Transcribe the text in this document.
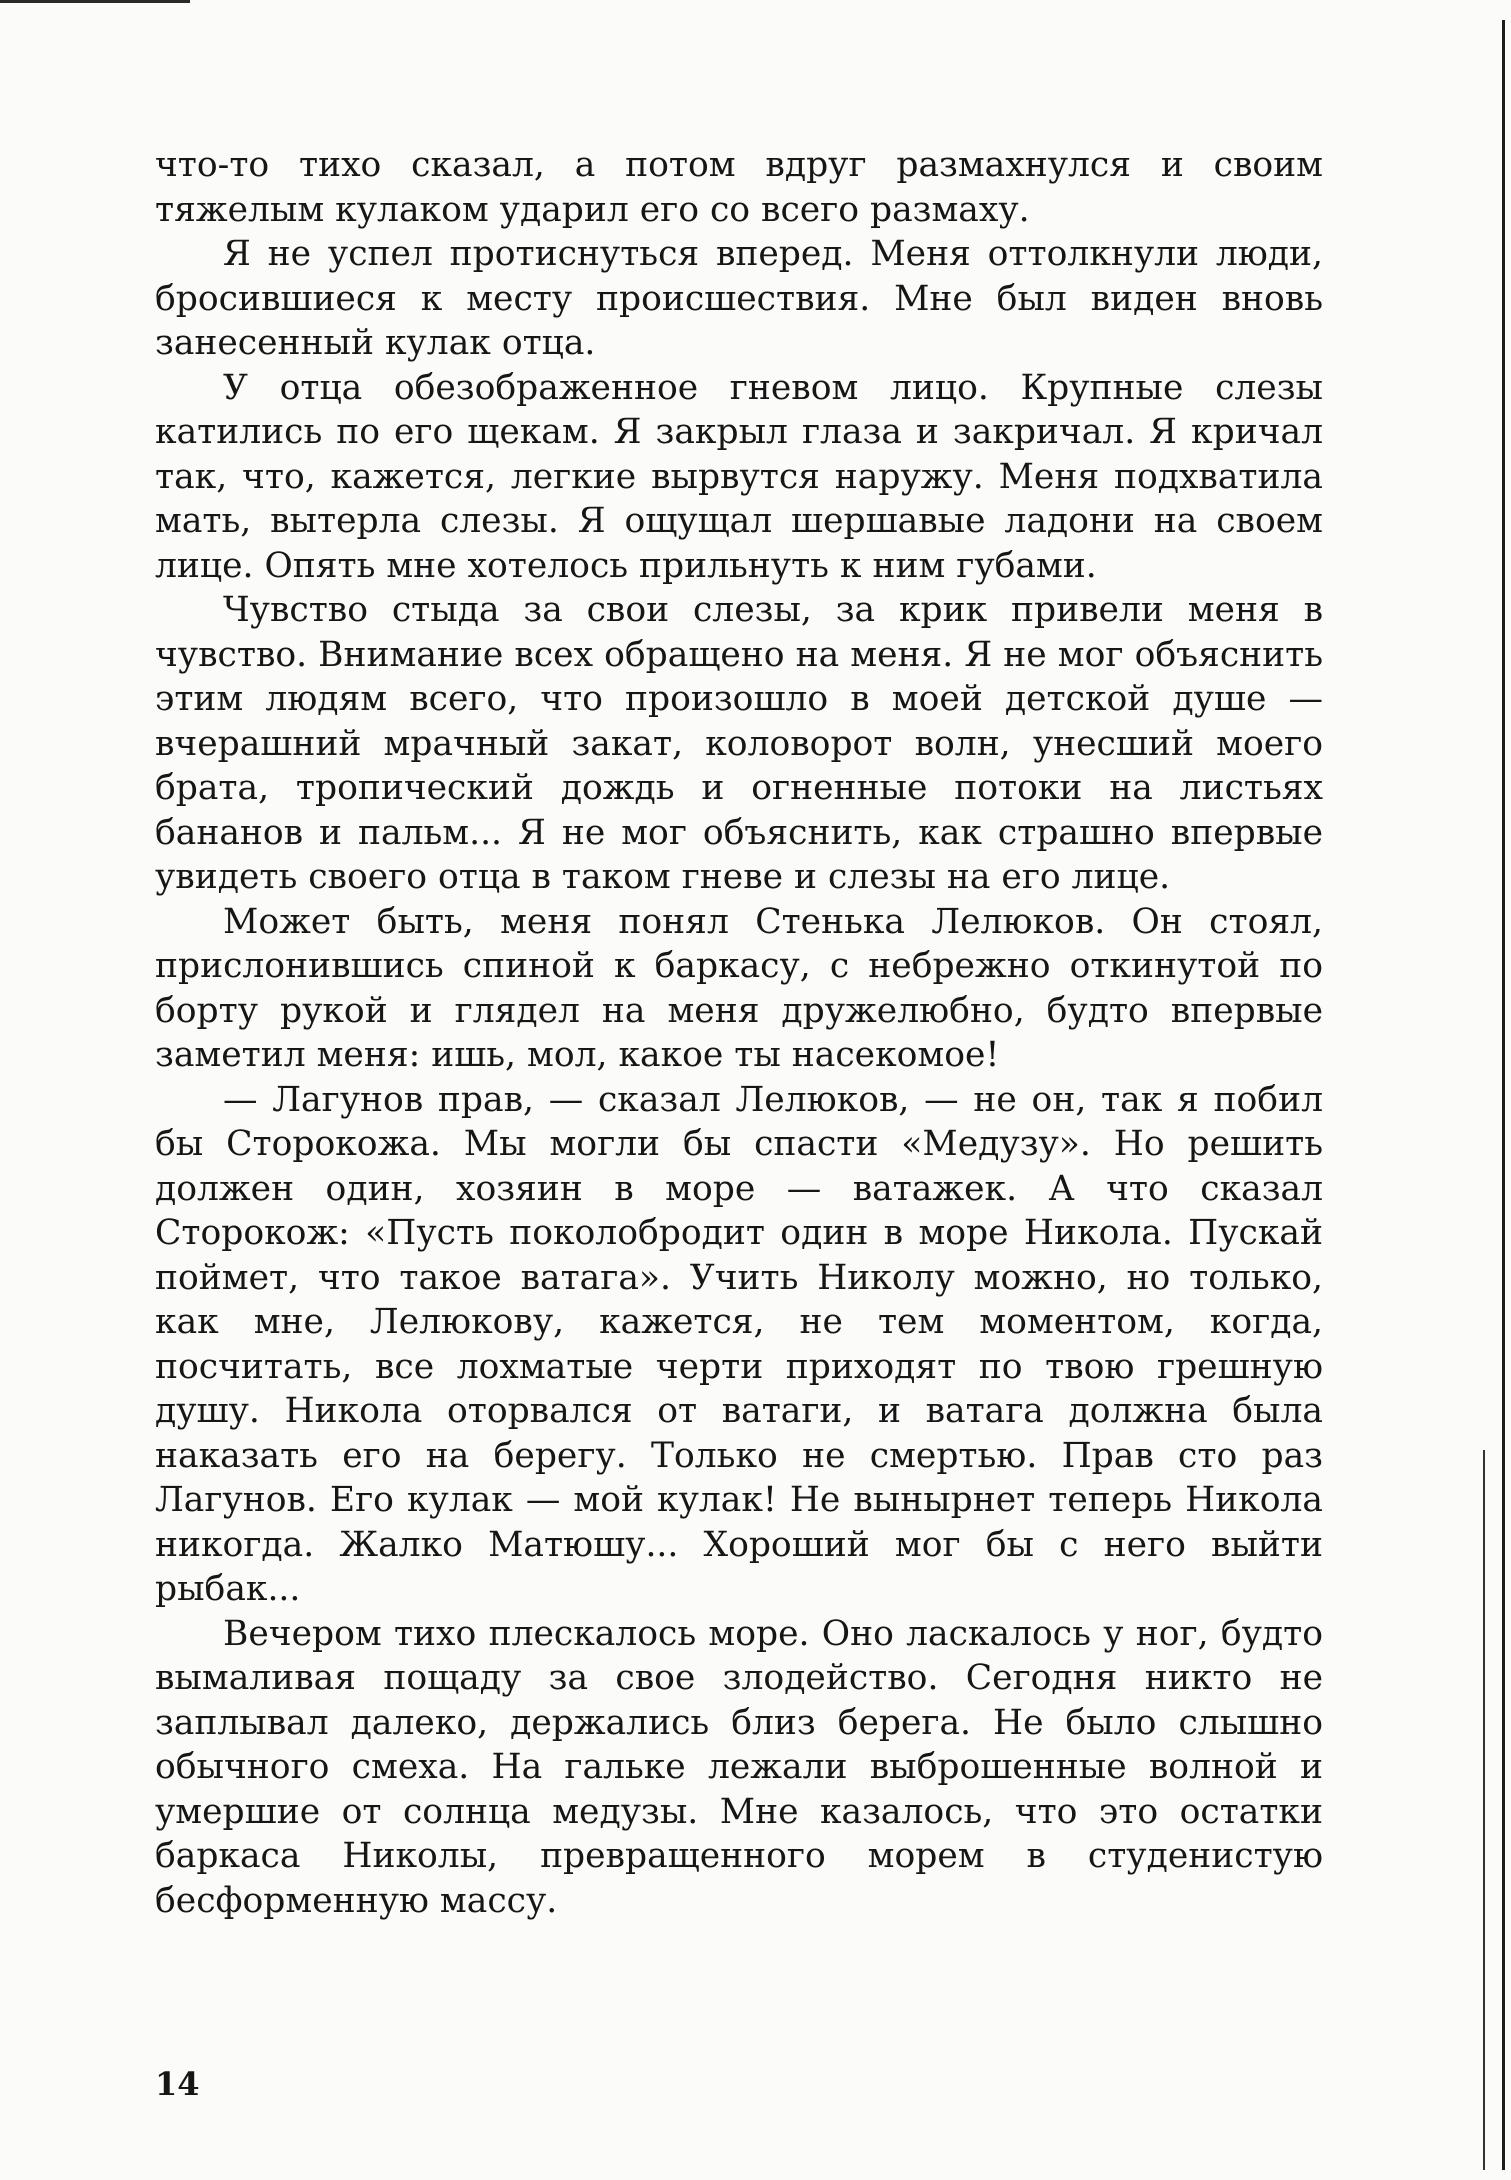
что-то тихо сказал, а потом вдруг размахнулся и своим тяжелым кулаком ударил его со всего размаху.

Я не успел протиснуться вперед. Меня оттолкнули люди, бросившиеся к месту происшествия. Мне был виден вновь занесенный кулак отца.

У отца обезображенное гневом лицо. Крупные слезы катились по его щекам. Я закрыл глаза и закричал. Я кричал так, что, кажется, легкие вырвутся наружу. Меня подхватила мать, вытерла слезы. Я ощущал шершавые ладони на своем лице. Опять мне хотелось прильнуть к ним губами.

Чувство стыда за свои слезы, за крик привели меня в чувство. Внимание всех обращено на меня. Я не мог объяснить этим людям всего, что произошло в моей детской душе — вчерашний мрачный закат, коловорот волн, унесший моего брата, тропический дождь и огненные потоки на листьях бананов и пальм... Я не мог объяснить, как страшно впервые увидеть своего отца в таком гневе и слезы на его лице.

Может быть, меня понял Стенька Лелюков. Он стоял, прислонившись спиной к баркасу, с небрежно откинутой по борту рукой и глядел на меня дружелюбно, будто впервые заметил меня: ишь, мол, какое ты насекомое!

— Лагунов прав, — сказал Лелюков, — не он, так я побил бы Сторокожа. Мы могли бы спасти «Медузу». Но решить должен один, хозяин в море — ватажек. А что сказал Сторокож: «Пусть поколобродит один в море Никола. Пускай поймет, что такое ватага». Учить Николу можно, но только, как мне, Лелюкову, кажется, не тем моментом, когда, посчитать, все лохматые черти приходят по твою грешную душу. Никола оторвался от ватаги, и ватага должна была наказать его на берегу. Только не смертью. Прав сто раз Лагунов. Его кулак — мой кулак! Не вынырнет теперь Никола никогда. Жалко Матюшу... Хороший мог бы с него выйти рыбак...

Вечером тихо плескалось море. Оно ласкалось у ног, будто вымаливая пощаду за свое злодейство. Сегодня никто не заплывал далеко, держались близ берега. Не было слышно обычного смеха. На гальке лежали выброшенные волной и умершие от солнца медузы. Мне казалось, что это остатки баркаса Николы, превращенного морем в студенистую бесформенную массу.

14
